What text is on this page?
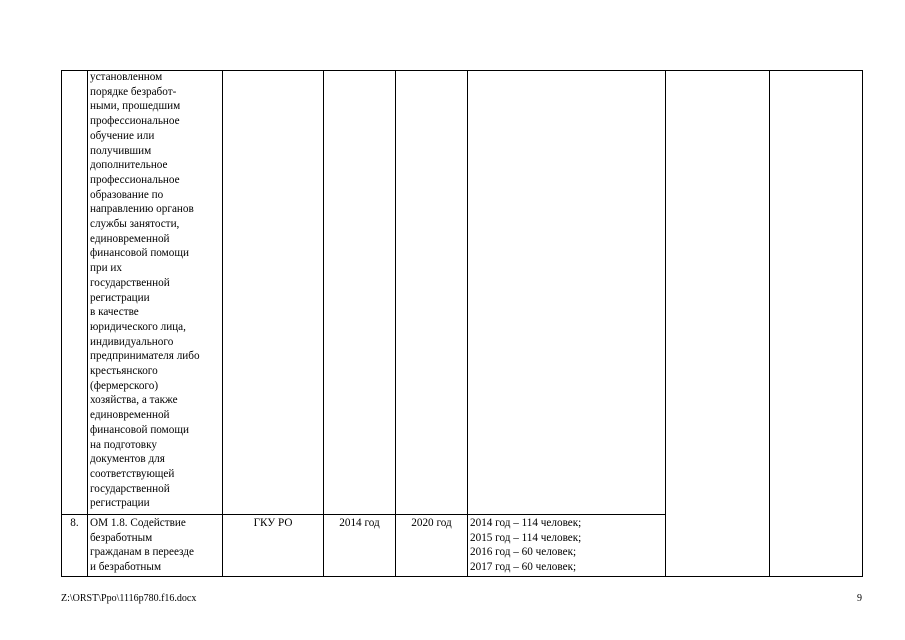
установленном
порядке безработ-
ными, прошедшим
профессиональное
обучение или
получившим
дополнительное
профессиональное
образование по
направлению органов
службы занятости,
единовременной
финансовой помощи
при их
государственной
регистрации
в качестве
юридического лица,
индивидуального
предпринимателя либо
крестьянского
(фермерского)
хозяйства, а также
единовременной
финансовой помощи
на подготовку
документов для
соответствующей
государственной
регистрации
8.	ОМ 1.8. Содействие
безработным
гражданам в переезде
и безработным
ГКУ РО	2014 год	2020 год	2014 год – 114 человек;
2015 год – 114 человек;
2016 год – 60 человек;
2017 год – 60 человек;
Z:\ORST\Ppo\1116p780.f16.docx	9
